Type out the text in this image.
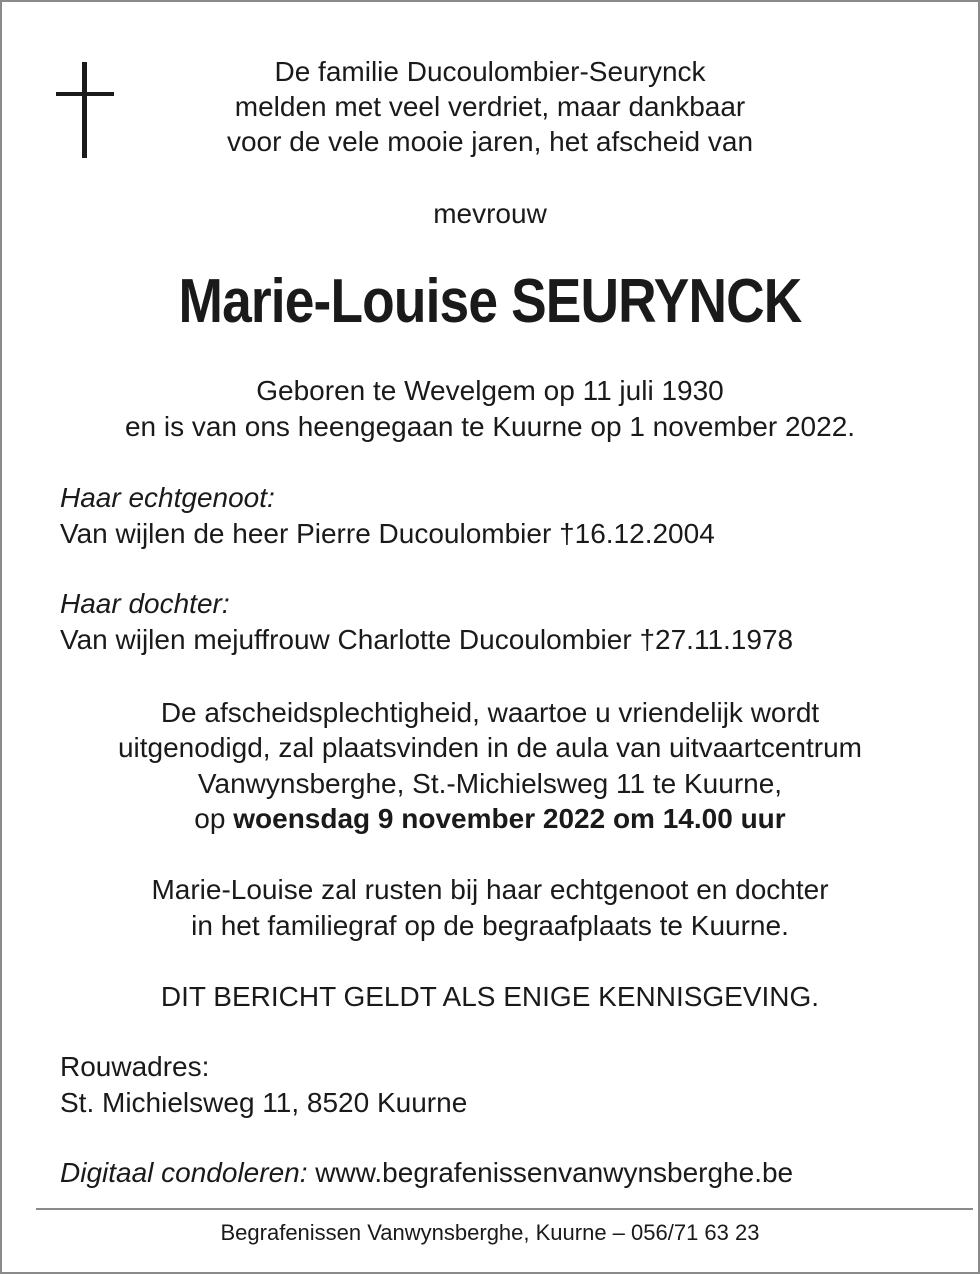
De familie Ducoulombier-Seurynck
melden met veel verdriet, maar dankbaar
voor de vele mooie jaren, het afscheid van
mevrouw
Marie-Louise SEURYNCK
Geboren te Wevelgem op 11 juli 1930
en is van ons heengegaan te Kuurne op 1 november 2022.
Haar echtgenoot:
Van wijlen de heer Pierre Ducoulombier †16.12.2004
Haar dochter:
Van wijlen mejuffrouw Charlotte Ducoulombier †27.11.1978
De afscheidsplechtigheid, waartoe u vriendelijk wordt
uitgenodigd, zal plaatsvinden in de aula van uitvaartcentrum
Vanwynsberghe, St.-Michielsweg 11 te Kuurne,
op woensdag 9 november 2022 om 14.00 uur
Marie-Louise zal rusten bij haar echtgenoot en dochter
in het familiegraf op de begraafplaats te Kuurne.
DIT BERICHT GELDT ALS ENIGE KENNISGEVING.
Rouwadres:
St. Michielsweg 11, 8520 Kuurne
Digitaal condoleren: www.begrafenissenvanwynsberghe.be
Begrafenissen Vanwynsberghe, Kuurne – 056/71 63 23
